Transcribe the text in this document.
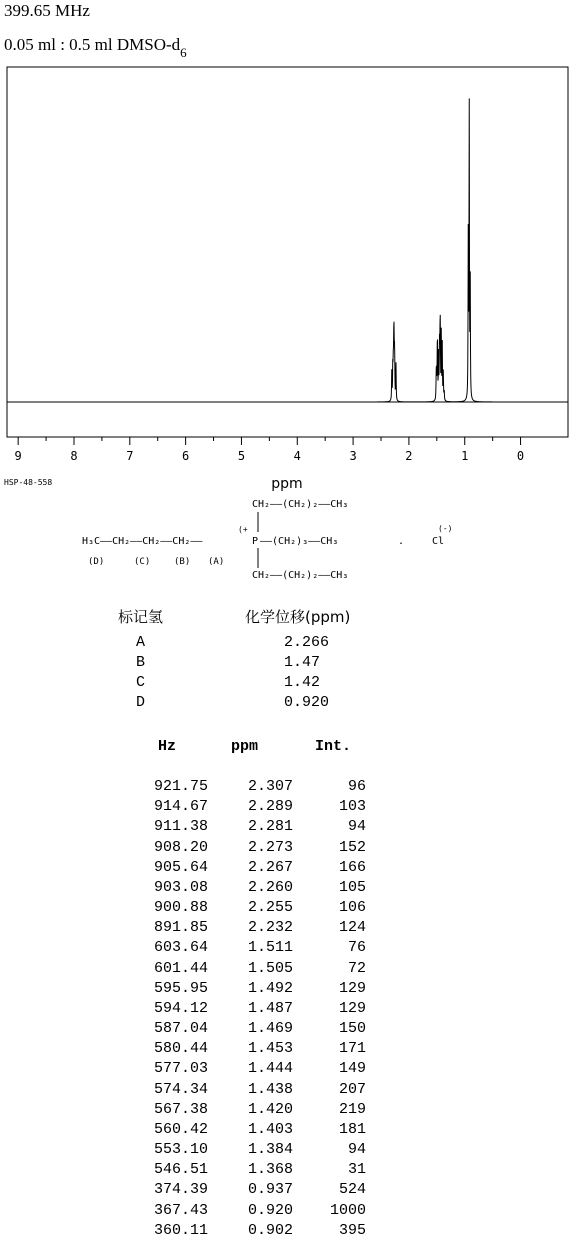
399.65 MHz
0.05 ml : 0.5 ml DMSO-$d_6$
9	8	7	6	5	4	3	2	1	0
ppm
HSP-48-558
CH₂——(CH₂)₂——CH₃
H₃C——CH₂——CH₂——CH₂——
(+
P ——(CH₂)₃——CH₃	.	Cl
(-)
CH₂——(CH₂)₂——CH₃
(D)	(C)	(B) (A)
标记氢	化学位移(ppm)
A	2.266
B	1.47
C	1.42
D	0.920
Hz	ppm	Int.
921.75	2.307	96
914.67	2.289	103
911.38	2.281	94
908.20	2.273	152
905.64	2.267	166
903.08	2.260	105
900.88	2.255	106
891.85	2.232	124
603.64	1.511	76
601.44	1.505	72
595.95	1.492	129
594.12	1.487	129
587.04	1.469	150
580.44	1.453	171
577.03	1.444	149
574.34	1.438	207
567.38	1.420	219
560.42	1.403	181
553.10	1.384	94
546.51	1.368	31
374.39	0.937	524
367.43	0.920 1000
360.11	0.902	395
